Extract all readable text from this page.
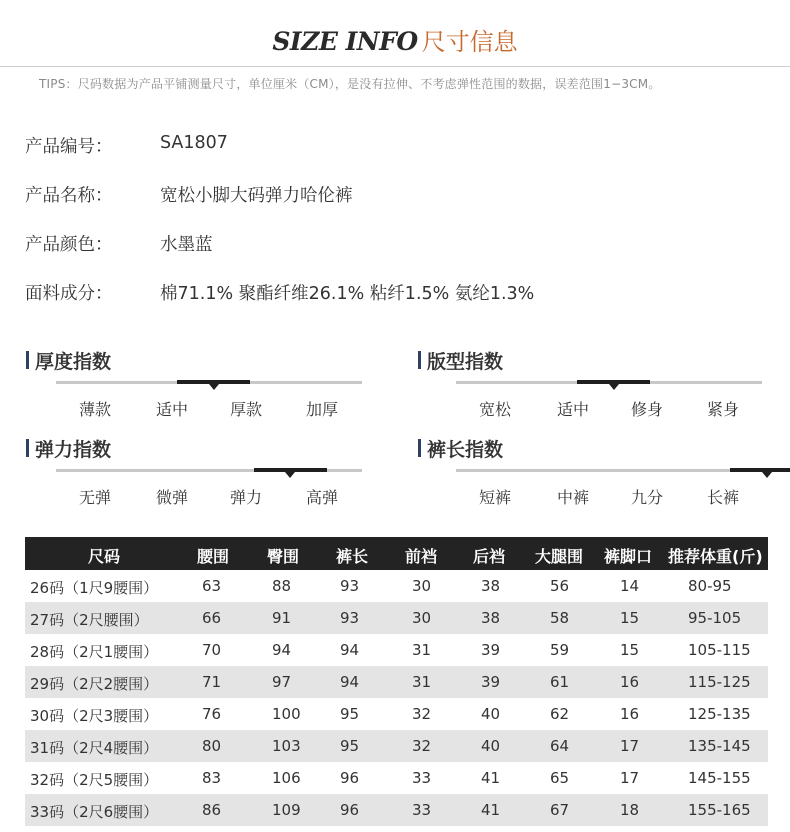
SIZE INFO 尺寸信息
TIPS：尺码数据为产品平铺测量尺寸，单位厘米（CM），是没有拉伸、不考虑弹性范围的数据，误差范围1−3CM。
产品编号：	SA1807
产品名称：	宽松小脚大码弹力哈伦裤
产品颜色：	水墨蓝
面料成分：	棉71.1% 聚酯纤维26.1% 粘纤1.5% 氨纶1.3%
厚度指数
薄款	适中	厚款	加厚
版型指数
宽松	适中	修身	紧身
弹力指数
无弹	微弹	弹力	高弹
裤长指数
短裤	中裤	九分	长裤
尺码	腰围 臀围 裤长 前裆 后裆 大腿围 裤脚口 推荐体重(斤)
26码（1尺9腰围）	63	88	93	30	38	56	14	80-95
27码（2尺腰围）	66	91	93	30	38	58	15	95-105
28码（2尺1腰围）	70	94	94	31	39	59	15	105-115
29码（2尺2腰围）	71	97	94	31	39	61	16	115-125
30码（2尺3腰围）	76	100	95	32	40	62	16	125-135
31码（2尺4腰围）	80	103	95	32	40	64	17	135-145
32码（2尺5腰围）	83	106	96	33	41	65	17	145-155
33码（2尺6腰围）	86	109	96	33	41	67	18	155-165
